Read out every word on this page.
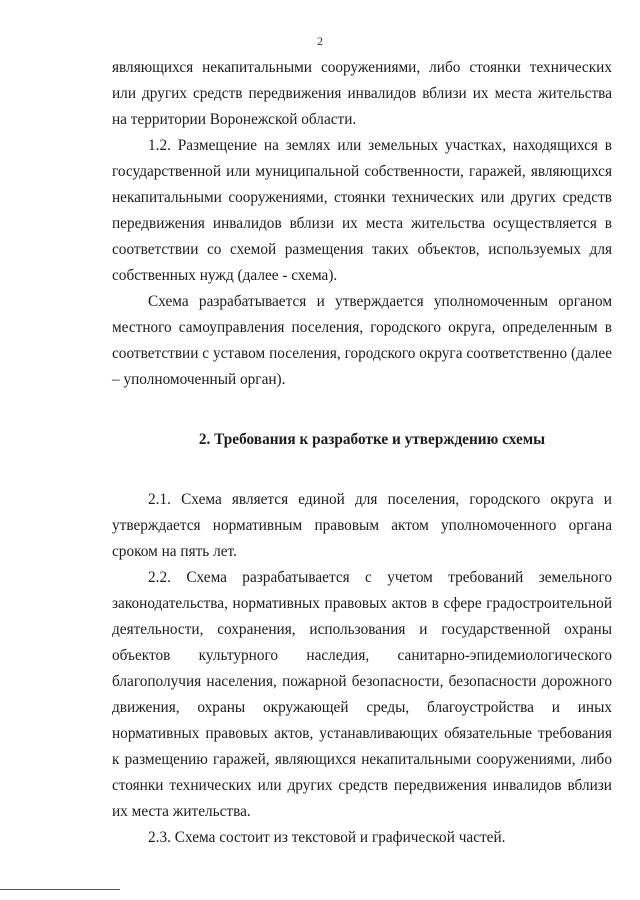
2

являющихся некапитальными сооружениями, либо стоянки технических или других средств передвижения инвалидов вблизи их места жительства на территории Воронежской области.

1.2. Размещение на землях или земельных участках, находящихся в государственной или муниципальной собственности, гаражей, являющихся некапитальными сооружениями, стоянки технических или других средств передвижения инвалидов вблизи их места жительства осуществляется в соответствии со схемой размещения таких объектов, используемых для собственных нужд (далее - схема).

Схема разрабатывается и утверждается уполномоченным органом местного самоуправления поселения, городского округа, определенным в соответствии с уставом поселения, городского округа соответственно (далее – уполномоченный орган).

2. Требования к разработке и утверждению схемы

2.1. Схема является единой для поселения, городского округа и утверждается нормативным правовым актом уполномоченного органа сроком на пять лет.

2.2. Схема разрабатывается с учетом требований земельного законодательства, нормативных правовых актов в сфере градостроительной деятельности, сохранения, использования и государственной охраны объектов культурного наследия, санитарно-эпидемиологического благополучия населения, пожарной безопасности, безопасности дорожного движения, охраны окружающей среды, благоустройства и иных нормативных правовых актов, устанавливающих обязательные требования к размещению гаражей, являющихся некапитальными сооружениями, либо стоянки технических или других средств передвижения инвалидов вблизи их места жительства.

2.3. Схема состоит из текстовой и графической частей.
